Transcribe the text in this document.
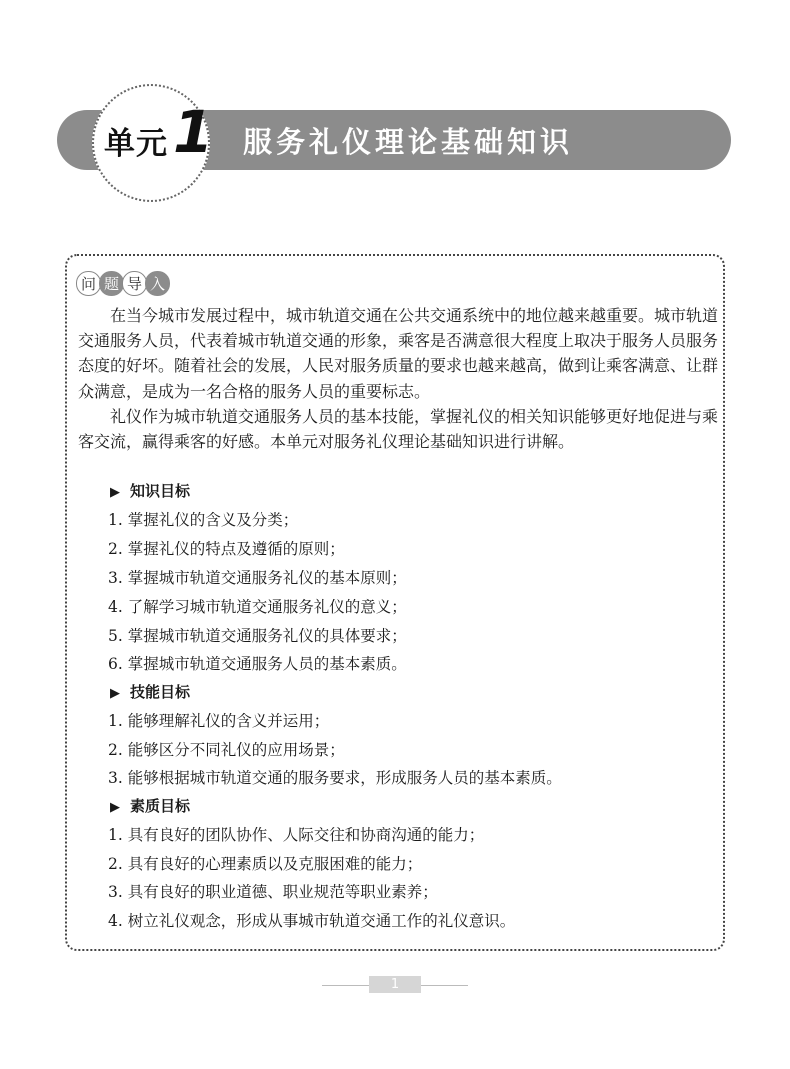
单元 1 服务礼仪理论基础知识
问 题 导 入
在当今城市发展过程中，城市轨道交通在公共交通系统中的地位越来越重要。城市轨道交通服务人员，代表着城市轨道交通的形象，乘客是否满意很大程度上取决于服务人员服务态度的好坏。随着社会的发展，人民对服务质量的要求也越来越高，做到让乘客满意、让群众满意，是成为一名合格的服务人员的重要标志。
礼仪作为城市轨道交通服务人员的基本技能，掌握礼仪的相关知识能够更好地促进与乘客交流，赢得乘客的好感。本单元对服务礼仪理论基础知识进行讲解。
▶ 知识目标
1. 掌握礼仪的含义及分类；
2. 掌握礼仪的特点及遵循的原则；
3. 掌握城市轨道交通服务礼仪的基本原则；
4. 了解学习城市轨道交通服务礼仪的意义；
5. 掌握城市轨道交通服务礼仪的具体要求；
6. 掌握城市轨道交通服务人员的基本素质。
▶ 技能目标
1. 能够理解礼仪的含义并运用；
2. 能够区分不同礼仪的应用场景；
3. 能够根据城市轨道交通的服务要求，形成服务人员的基本素质。
▶ 素质目标
1. 具有良好的团队协作、人际交往和协商沟通的能力；
2. 具有良好的心理素质以及克服困难的能力；
3. 具有良好的职业道德、职业规范等职业素养；
4. 树立礼仪观念，形成从事城市轨道交通工作的礼仪意识。
1
